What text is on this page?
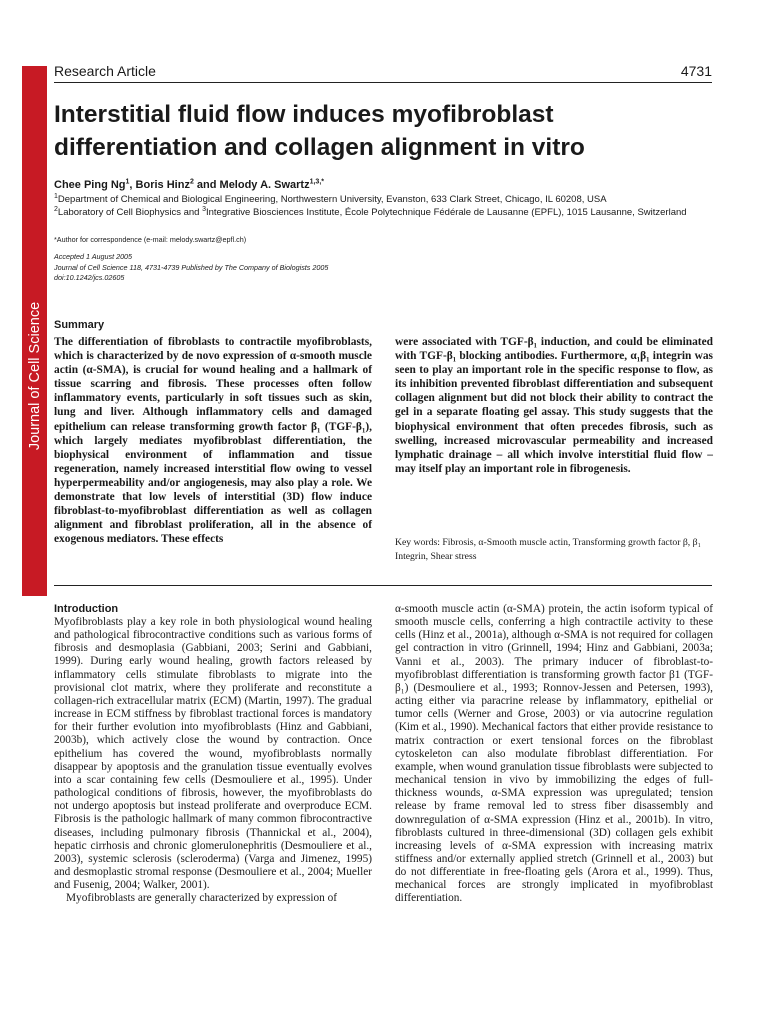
Journal of Cell Science
Research Article	4731
Interstitial fluid flow induces myofibroblast differentiation and collagen alignment in vitro
Chee Ping Ng$^1$, Boris Hinz$^2$ and Melody A. Swartz$^{1,3,*}$
$^1$Department of Chemical and Biological Engineering, Northwestern University, Evanston, 633 Clark Street, Chicago, IL 60208, USA
$^2$Laboratory of Cell Biophysics and $^3$Integrative Biosciences Institute, École Polytechnique Fédérale de Lausanne (EPFL), 1015 Lausanne, Switzerland
*Author for correspondence (e-mail: melody.swartz@epfl.ch)
Accepted 1 August 2005
Journal of Cell Science 118, 4731-4739 Published by The Company of Biologists 2005
doi:10.1242/jcs.02605
Summary
The differentiation of fibroblasts to contractile myofibroblasts, which is characterized by de novo expression of α-smooth muscle actin (α-SMA), is crucial for wound healing and a hallmark of tissue scarring and fibrosis. These processes often follow inflammatory events, particularly in soft tissues such as skin, lung and liver. Although inflammatory cells and damaged epithelium can release transforming growth factor β₁ (TGF-β₁), which largely mediates myofibroblast differentiation, the biophysical environment of inflammation and tissue regeneration, namely increased interstitial flow owing to vessel hyperpermeability and/or angiogenesis, may also play a role. We demonstrate that low levels of interstitial (3D) flow induce fibroblast-to-myofibroblast differentiation as well as collagen alignment and fibroblast proliferation, all in the absence of exogenous mediators. These effects
were associated with TGF-β₁ induction, and could be eliminated with TGF-β₁ blocking antibodies. Furthermore, α₁β₁ integrin was seen to play an important role in the specific response to flow, as its inhibition prevented fibroblast differentiation and subsequent collagen alignment but did not block their ability to contract the gel in a separate floating gel assay. This study suggests that the biophysical environment that often precedes fibrosis, such as swelling, increased microvascular permeability and increased lymphatic drainage – all which involve interstitial fluid flow – may itself play an important role in fibrogenesis.
Key words: Fibrosis, α-Smooth muscle actin, Transforming growth factor β, β₁ Integrin, Shear stress
Introduction

Myofibroblasts play a key role in both physiological wound healing and pathological fibrocontractive conditions such as various forms of fibrosis and desmoplasia (Gabbiani, 2003; Serini and Gabbiani, 1999). During early wound healing, growth factors released by inflammatory cells stimulate fibroblasts to migrate into the provisional clot matrix, where they proliferate and reconstitute a collagen-rich extracellular matrix (ECM) (Martin, 1997). The gradual increase in ECM stiffness by fibroblast tractional forces is mandatory for their further evolution into myofibroblasts (Hinz and Gabbiani, 2003b), which actively close the wound by contraction. Once epithelium has covered the wound, myofibroblasts normally disappear by apoptosis and the granulation tissue eventually evolves into a scar containing few cells (Desmouliere et al., 1995). Under pathological conditions of fibrosis, however, the myofibroblasts do not undergo apoptosis but instead proliferate and overproduce ECM. Fibrosis is the pathologic hallmark of many common fibrocontractive diseases, including pulmonary fibrosis (Thannickal et al., 2004), hepatic cirrhosis and chronic glomerulonephritis (Desmouliere et al., 2003), systemic sclerosis (scleroderma) (Varga and Jimenez, 1995) and desmoplastic stromal response (Desmouliere et al., 2004; Mueller and Fusenig, 2004; Walker, 2001).

Myofibroblasts are generally characterized by expression of

α-smooth muscle actin (α-SMA) protein, the actin isoform typical of smooth muscle cells, conferring a high contractile activity to these cells (Hinz et al., 2001a), although α-SMA is not required for collagen gel contraction in vitro (Grinnell, 1994; Hinz and Gabbiani, 2003a; Vanni et al., 2003). The primary inducer of fibroblast-to-myofibroblast differentiation is transforming growth factor β1 (TGF-β₁) (Desmouliere et al., 1993; Ronnov-Jessen and Petersen, 1993), acting either via paracrine release by inflammatory, epithelial or tumor cells (Werner and Grose, 2003) or via autocrine regulation (Kim et al., 1990). Mechanical factors that either provide resistance to matrix contraction or exert tensional forces on the fibroblast cytoskeleton can also modulate fibroblast differentiation. For example, when wound granulation tissue fibroblasts were subjected to mechanical tension in vivo by immobilizing the edges of full-thickness wounds, α-SMA expression was upregulated; tension release by frame removal led to stress fiber disassembly and downregulation of α-SMA expression (Hinz et al., 2001b). In vitro, fibroblasts cultured in three-dimensional (3D) collagen gels exhibit increasing levels of α-SMA expression with increasing matrix stiffness and/or externally applied stretch (Grinnell et al., 2003) but do not differentiate in free-floating gels (Arora et al., 1999). Thus, mechanical forces are strongly implicated in myofibroblast differentiation.
